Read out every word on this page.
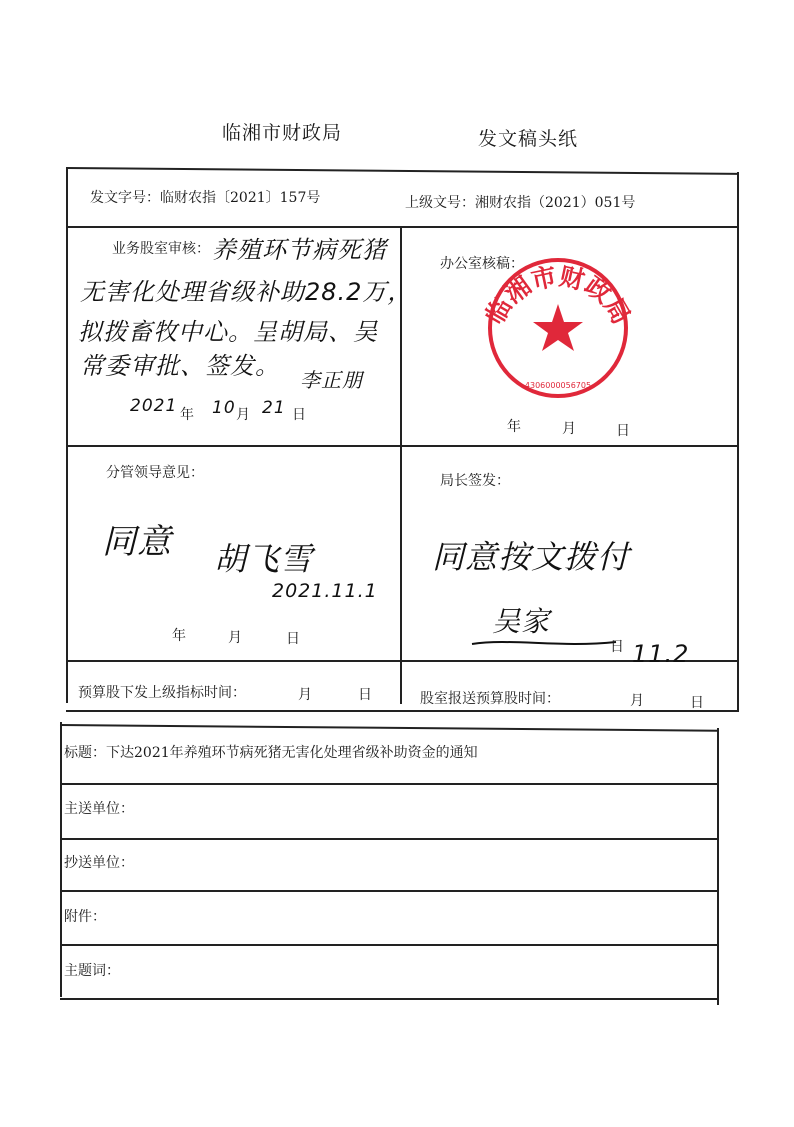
临湘市财政局	发文稿头纸
发文字号：临财农指〔2021〕157号	上级文号：湘财农指（2021）051号
业务股室审核： 养殖环节病死猪
无害化处理省级补助28.2万，
拟拨畜牧中心。呈胡局、吴
常委审批、签发。 李正朋
2021 年 10 月 21 日
办公室核稿：
临湘市财政局
4306000056705
年	月	日
分管领导意见：
同意 胡飞雪
2021.11.1
年	月	日
局长签发：
同意按文拨付
吴家
日 11.2
预算股下发上级指标时间：	月	日	股室报送预算股时间：	月	日
标题：下达2021年养殖环节病死猪无害化处理省级补助资金的通知
主送单位：
抄送单位：
附件：
主题词：
